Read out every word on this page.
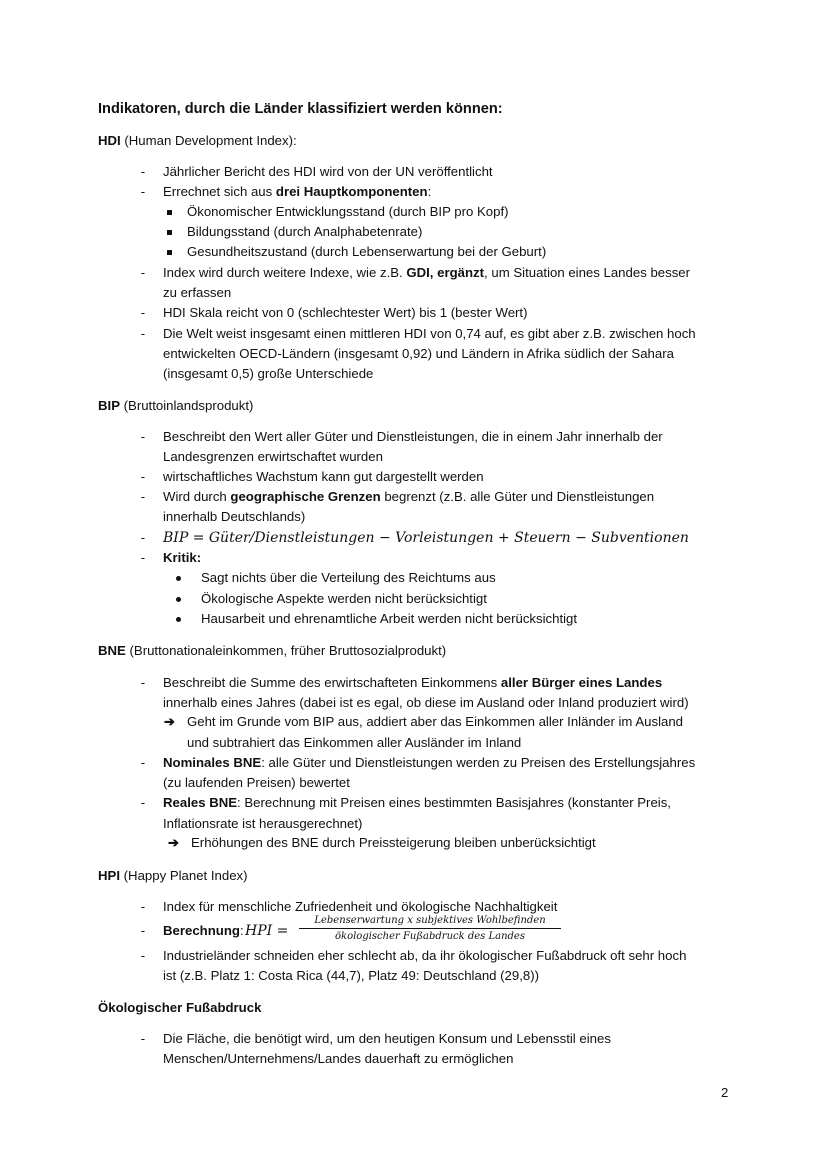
Indikatoren, durch die Länder klassifiziert werden können:
HDI (Human Development Index):
-	Jährlicher Bericht des HDI wird von der UN veröffentlicht
-	Errechnet sich aus drei Hauptkomponenten:
Ökonomischer Entwicklungsstand (durch BIP pro Kopf)
Bildungsstand (durch Analphabetenrate)
Gesundheitszustand (durch Lebenserwartung bei der Geburt)
-	Index wird durch weitere Indexe, wie z.B. GDI, ergänzt, um Situation eines Landes besser
zu erfassen
-	HDI Skala reicht von 0 (schlechtester Wert) bis 1 (bester Wert)
-	Die Welt weist insgesamt einen mittleren HDI von 0,74 auf, es gibt aber z.B. zwischen hoch
entwickelten OECD-Ländern (insgesamt 0,92) und Ländern in Afrika südlich der Sahara
(insgesamt 0,5) große Unterschiede
BIP (Bruttoinlandsprodukt)
-	Beschreibt den Wert aller Güter und Dienstleistungen, die in einem Jahr innerhalb der
Landesgrenzen erwirtschaftet wurden
-	wirtschaftliches Wachstum kann gut dargestellt werden
-	Wird durch geographische Grenzen begrenzt (z.B. alle Güter und Dienstleistungen
innerhalb Deutschlands)
-	BIP = Güter/Dienstleistungen − Vorleistungen + Steuern − Subventionen
-	Kritik:
Sagt nichts über die Verteilung des Reichtums aus
Ökologische Aspekte werden nicht berücksichtigt
Hausarbeit und ehrenamtliche Arbeit werden nicht berücksichtigt
BNE (Bruttonationaleinkommen, früher Bruttosozialprodukt)
-	Beschreibt die Summe des erwirtschafteten Einkommens aller Bürger eines Landes
innerhalb eines Jahres (dabei ist es egal, ob diese im Ausland oder Inland produziert wird)
➔ Geht im Grunde vom BIP aus, addiert aber das Einkommen aller Inländer im Ausland
und subtrahiert das Einkommen aller Ausländer im Inland
-	Nominales BNE: alle Güter und Dienstleistungen werden zu Preisen des Erstellungsjahres
(zu laufenden Preisen) bewertet
-	Reales BNE: Berechnung mit Preisen eines bestimmten Basisjahres (konstanter Preis,
Inflationsrate ist herausgerechnet)
➔ Erhöhungen des BNE durch Preissteigerung bleiben unberücksichtigt
HPI (Happy Planet Index)
-	Index für menschliche Zufriedenheit und ökologische Nachhaltigkeit
-	Berechnung: HPI =
Lebenserwartung x subjektives Wohlbefinden
ökologischer Fußabdruck des Landes
-	Industrieländer schneiden eher schlecht ab, da ihr ökologischer Fußabdruck oft sehr hoch
ist (z.B. Platz 1: Costa Rica (44,7), Platz 49: Deutschland (29,8))
Ökologischer Fußabdruck
-	Die Fläche, die benötigt wird, um den heutigen Konsum und Lebensstil eines
Menschen/Unternehmens/Landes dauerhaft zu ermöglichen
2
